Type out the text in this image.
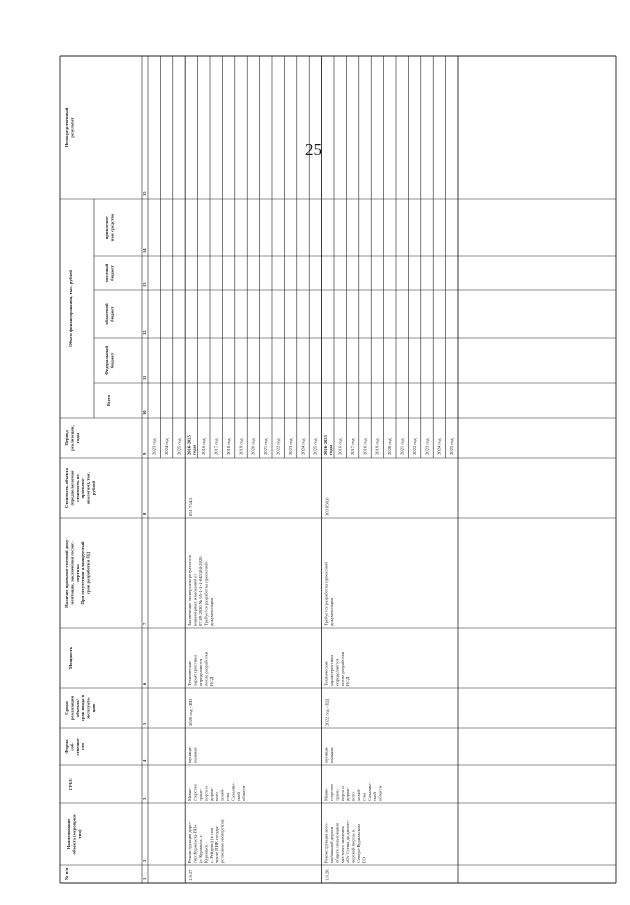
25
№ п/п
Наименование объекта (мероприя- тия)
ГРБС
Форма соб- ственно- сти
Сроки реализации объекта/ срок ввода в эксплуата- цию
Мощность
Наличие проектно-сметной доку- ментации, заключения госэкс- пертизы При отсутствии планируемый срок разработки ПД
Стоимость объекта (предполагаемая стоимость по проектно- аналогам), тыс. рублей
Период реализации, годы
Объем финансирования, тыс. рублей
Всего
Федеральный бюджет
областной бюджет
местный бюджет
привлечен- ные средства
Непосредственный результат
1
2
3
4
5
6
7
8
9
10
11
12
13
14
15
2023 год 2024 год 2025 год
1.6.27
Реконструкция доро- ги(г.Курильск) ПП« (г. Курильск, г. Курильск - с. Рейдово) (в том числе ПИР, госуда- рственная экспертиза)
Мини- стерство транс- порта и дорож- ного хозяй- ства Сахалин- ской области
муници- пальная
2020 год - ИН
Технические характеристики определяются после разработки ПСД
Заключение экспертизы результатов инженерных изысканий от 07.09.2020 № 65-1-1-1-045184-2020. Требуется разработка проектной документации
851 754,5
2016-2025 годы 2016 год 2017 год 2018 год 2019 год 2020 год 2021 год 2022 год 2023 год 2024 год 2025 год
1.6.28.
Реконструкция авто- мобильной дороги общего пользования местного значения «От Стены до диспет- черской порта» в Северо-Курильском ГО
Мини- стерство транс- порта и дорож- ного хозяй- ства Сахалин- ской области
муници- пальная
2022 год - ПД
Технические характеристики определяются после разработки ПСД
Требуется разработка проектной документации
303 850,0
2016-2025 годы 2016 год 2017 год 2018 год 2019 год 2020 год 2021 год 2022 год 2023 год 2024 год 2025 год
